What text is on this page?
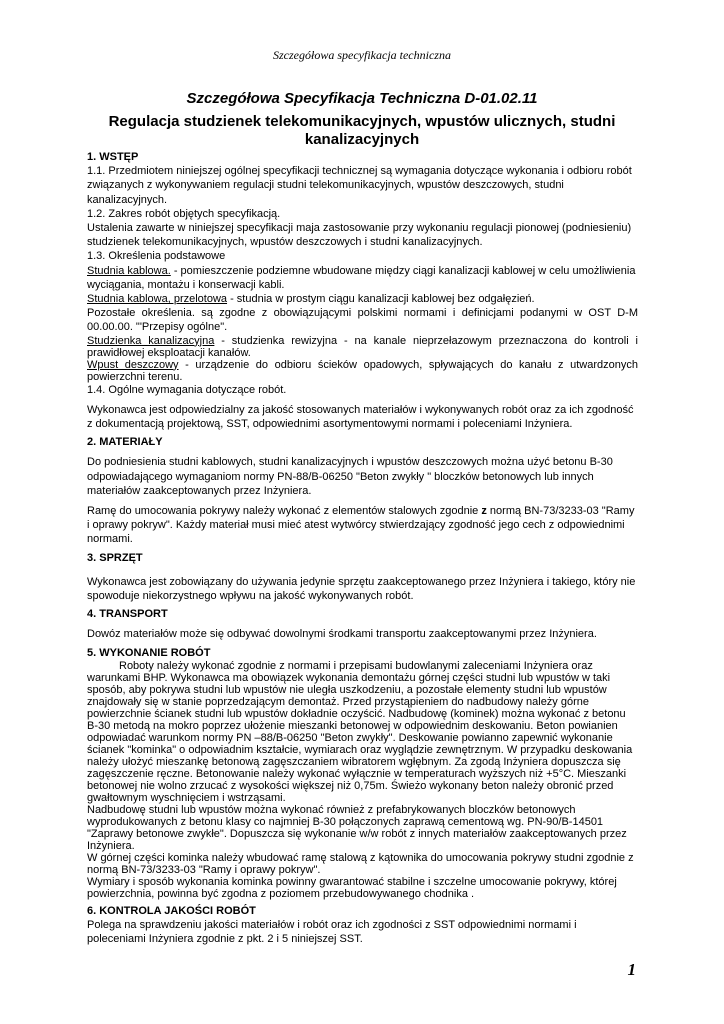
Szczegółowa specyfikacja techniczna
Szczegółowa Specyfikacja Techniczna D-01.02.11
Regulacja studzienek telekomunikacyjnych, wpustów ulicznych, studni kanalizacyjnych

1. WSTĘP

1.1. Przedmiotem niniejszej ogólnej specyfikacji technicznej są wymagania dotyczące wykonania i odbioru robót związanych z wykonywaniem regulacji studni telekomunikacyjnych, wpustów deszczowych, studni kanalizacyjnych.

1.2. Zakres robót objętych specyfikacją.

Ustalenia zawarte w niniejszej specyfikacji maja zastosowanie przy wykonaniu regulacji pionowej (podniesieniu) studzienek telekomunikacyjnych, wpustów deszczowych i studni kanalizacyjnych.

1.3. Określenia podstawowe

Studnia kablowa. - pomieszczenie podziemne wbudowane między ciągi kanalizacji kablowej w celu umożliwienia wyciągania, montażu i konserwacji kabli.

Studnia kablowa, przelotowa - studnia w prostym ciągu kanalizacji kablowej bez odgałęzień.

Pozostałe określenia. są zgodne z obowiązującymi polskimi normami i definicjami podanymi w OST D-M 00.00.00. "'Przepisy ogólne".

Studzienka kanalizacyjna - studzienka rewizyjna - na kanale nieprzełazowym przeznaczona do kontroli i prawidłowej eksploatacji kanałów.

Wpust deszczowy - urządzenie do odbioru ścieków opadowych, spływających do kanału z utwardzonych powierzchni terenu.

1.4. Ogólne wymagania dotyczące robót.

Wykonawca jest odpowiedzialny za jakość stosowanych materiałów i wykonywanych robót oraz za ich zgodność z dokumentacją projektową, SST, odpowiednimi asortymentowymi normami i poleceniami Inżyniera.

2. MATERIAŁY

Do podniesienia studni kablowych, studni kanalizacyjnych i wpustów deszczowych można użyć betonu B-30 odpowiadającego wymaganiom normy PN-88/B-06250 "Beton zwykły " bloczków betonowych lub innych materiałów zaakceptowanych przez Inżyniera.

Ramę do umocowania pokrywy należy wykonać z elementów stalowych zgodnie z normą BN-73/3233-03 "Ramy i oprawy pokryw". Każdy materiał musi mieć atest wytwórcy stwierdzający zgodność jego cech z odpowiednimi normami.

3. SPRZĘT

Wykonawca jest zobowiązany do używania jedynie sprzętu zaakceptowanego przez Inżyniera i takiego, który nie spowoduje niekorzystnego wpływu na jakość wykonywanych robót.

4. TRANSPORT

Dowóz materiałów może się odbywać dowolnymi środkami transportu zaakceptowanymi przez Inżyniera.

5. WYKONANIE ROBÓT

Roboty należy wykonać zgodnie z normami i przepisami budowlanymi zaleceniami Inżyniera oraz warunkami BHP. Wykonawca ma obowiązek wykonania demontażu górnej części studni lub wpustów w taki sposób, aby pokrywa studni lub wpustów nie uległa uszkodzeniu, a pozostałe elementy studni lub wpustów znajdowały się w stanie poprzedzającym demontaż. Przed przystąpieniem do nadbudowy należy górne powierzchnie ścianek studni lub wpustów dokładnie oczyścić. Nadbudowę (kominek) można wykonać z betonu B-30 metodą na mokro poprzez ułożenie mieszanki betonowej w odpowiednim deskowaniu. Beton powianien odpowiadać warunkom normy PN –88/B-06250 "Beton zwykły". Deskowanie powianno zapewnić wykonanie ścianek "kominka" o odpowiadnim kształcie, wymiarach oraz wyglądzie zewnętrznym. W przypadku deskowania należy ułożyć mieszankę betonową zagęszczaniem wibratorem wgłębnym. Za zgodą Inżyniera dopuszcza się zagęszczenie ręczne. Betonowanie należy wykonać wyłącznie w temperaturach wyższych niż +5°C. Mieszanki betonowej nie wolno zrzucać z wysokości większej niż 0,75m. Świeżo wykonany beton należy obronić przed gwałtownym wyschnięciem i wstrząsami.

Nadbudowę studni lub wpustów można wykonać również z prefabrykowanych bloczków betonowych wyprodukowanych z betonu klasy co najmniej B-30 połączonych zaprawą cementową wg. PN-90/B-14501 "Zaprawy betonowe zwykłe". Dopuszcza się wykonanie w/w robót z innych materiałów zaakceptowanych przez Inżyniera.

W górnej części kominka należy wbudować ramę stalową z kątownika do umocowania pokrywy studni zgodnie z normą BN-73/3233-03 "Ramy i oprawy pokryw".

Wymiary i sposób wykonania kominka powinny gwarantować stabilne i szczelne umocowanie pokrywy, której powierzchnia, powinna być zgodna z poziomem przebudowywanego chodnika .

6. KONTROLA JAKOŚCI ROBÓT

Polega na sprawdzeniu jakości materiałów i robót oraz ich zgodności z SST odpowiednimi normami i poleceniami Inżyniera zgodnie z pkt. 2 i 5 niniejszej SST.

1
